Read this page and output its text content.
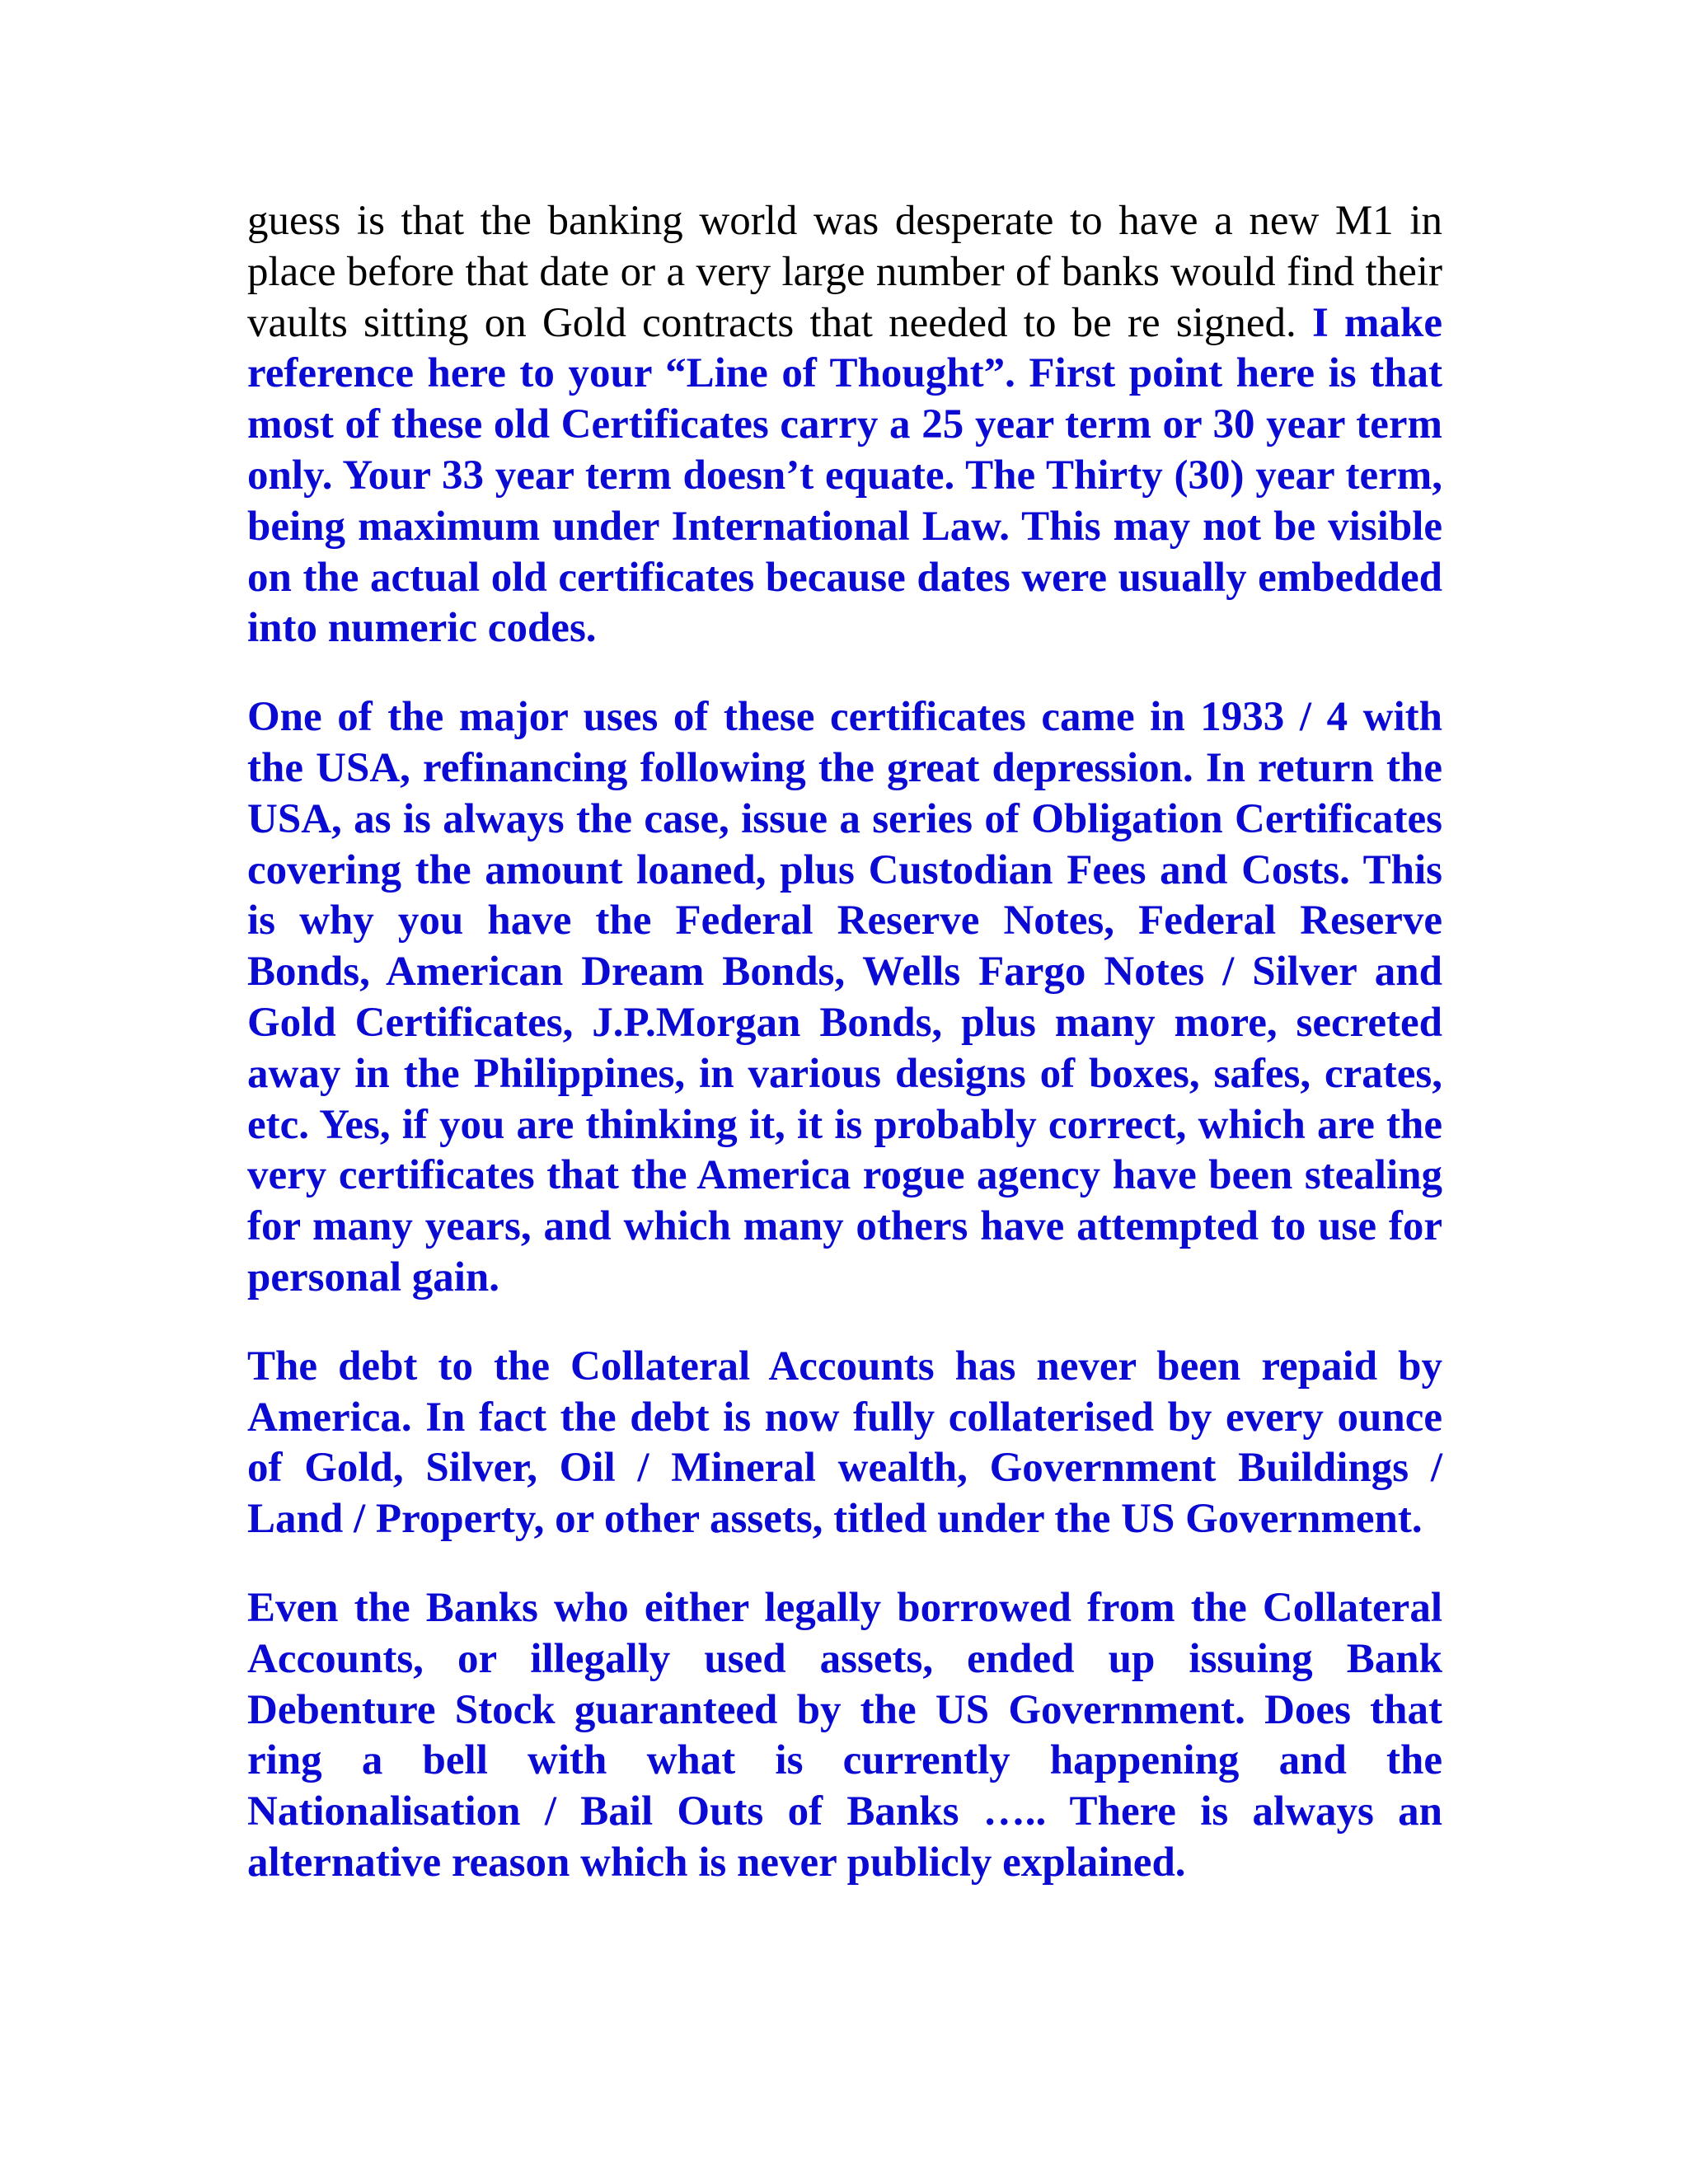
guess is that the banking world was desperate to have a new M1 in place before that date or a very large number of banks would find their vaults sitting on Gold contracts that needed to be re signed. I make reference here to your “Line of Thought”. First point here is that most of these old Certificates carry a 25 year term or 30 year term only. Your 33 year term doesn’t equate. The Thirty (30) year term, being maximum under International Law. This may not be visible on the actual old certificates because dates were usually embedded into numeric codes.

One of the major uses of these certificates came in 1933 / 4 with the USA, refinancing following the great depression. In return the USA, as is always the case, issue a series of Obligation Certificates covering the amount loaned, plus Custodian Fees and Costs. This is why you have the Federal Reserve Notes, Federal Reserve Bonds, American Dream Bonds, Wells Fargo Notes / Silver and Gold Certificates, J.P.Morgan Bonds, plus many more, secreted away in the Philippines, in various designs of boxes, safes, crates, etc. Yes, if you are thinking it, it is probably correct, which are the very certificates that the America rogue agency have been stealing for many years, and which many others have attempted to use for personal gain.

The debt to the Collateral Accounts has never been repaid by America. In fact the debt is now fully collaterised by every ounce of Gold, Silver, Oil / Mineral wealth, Government Buildings / Land / Property, or other assets, titled under the US Government.

Even the Banks who either legally borrowed from the Collateral Accounts, or illegally used assets, ended up issuing Bank Debenture Stock guaranteed by the US Government. Does that ring a bell with what is currently happening and the Nationalisation / Bail Outs of Banks ….. There is always an alternative reason which is never publicly explained.
